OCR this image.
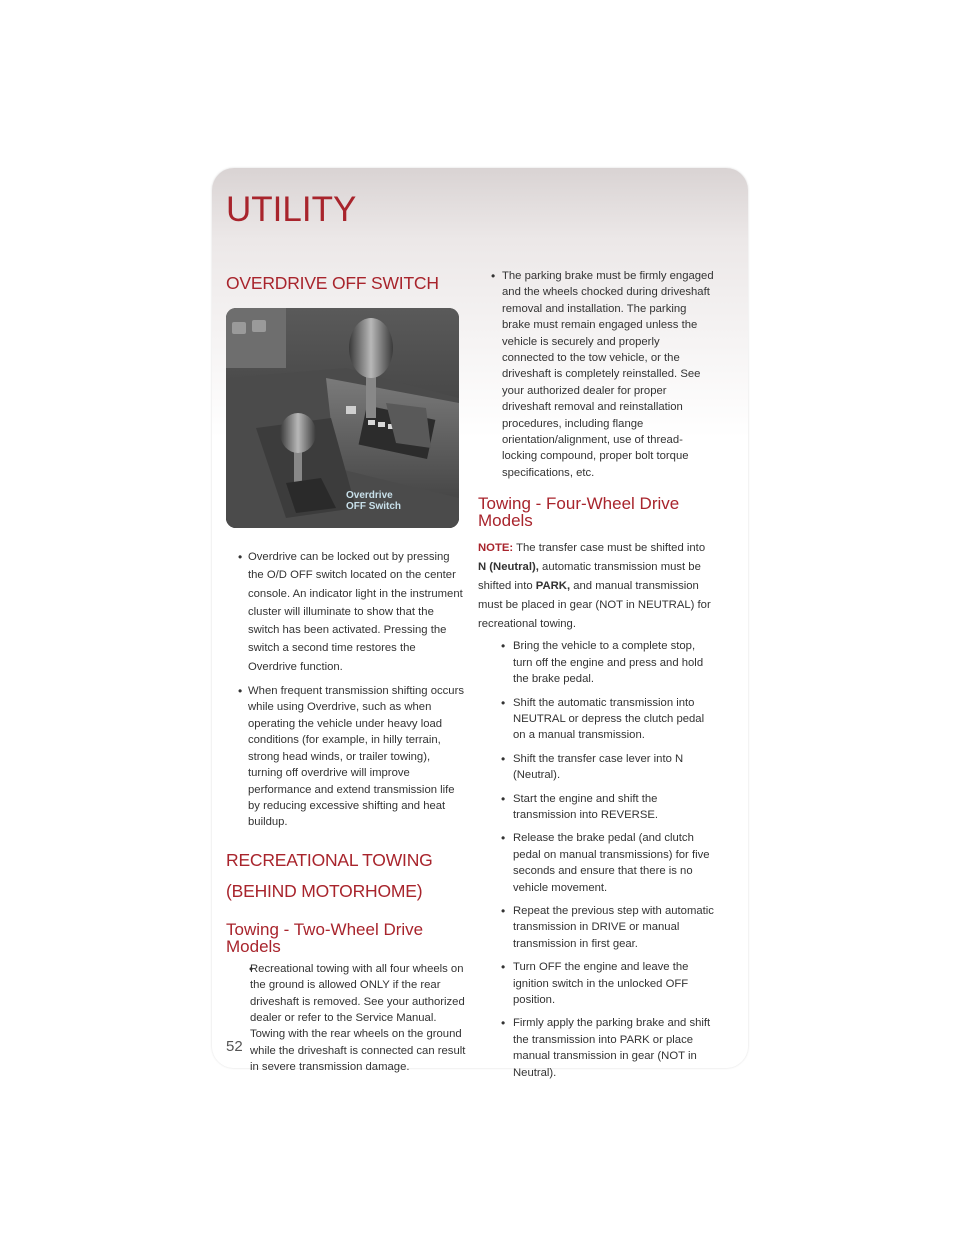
UTILITY
OVERDRIVE OFF SWITCH
Overdrive
OFF Switch
• Overdrive can be locked out by pressing the O/D OFF switch located on the center console. An indicator light in the instrument cluster will illuminate to show that the switch has been activated. Pressing the switch a second time restores the Overdrive function.
• When frequent transmission shifting occurs while using Overdrive, such as when operating the vehicle under heavy load conditions (for example, in hilly terrain, strong head winds, or trailer towing), turning off overdrive will improve performance and extend transmission life by reducing excessive shifting and heat buildup.
RECREATIONAL TOWING
(BEHIND MOTORHOME)
Towing - Two-Wheel Drive Models
• Recreational towing with all four wheels on the ground is allowed ONLY if the rear driveshaft is removed. See your authorized dealer or refer to the Service Manual. Towing with the rear wheels on the ground while the driveshaft is connected can result in severe transmission damage.
• The parking brake must be firmly engaged and the wheels chocked during driveshaft removal and installation. The parking brake must remain engaged unless the vehicle is securely and properly connected to the tow vehicle, or the driveshaft is completely reinstalled. See your authorized dealer for proper driveshaft removal and reinstallation procedures, including flange orientation/alignment, use of thread-locking compound, proper bolt torque specifications, etc.
Towing - Four-Wheel Drive Models

NOTE: The transfer case must be shifted into N (Neutral), automatic transmission must be shifted into PARK, and manual transmission must be placed in gear (NOT in NEUTRAL) for recreational towing.

• Bring the vehicle to a complete stop, turn off the engine and press and hold the brake pedal.
• Shift the automatic transmission into NEUTRAL or depress the clutch pedal on a manual transmission.
• Shift the transfer case lever into N (Neutral).
• Start the engine and shift the transmission into REVERSE.
• Release the brake pedal (and clutch pedal on manual transmissions) for five seconds and ensure that there is no vehicle movement.
• Repeat the previous step with automatic transmission in DRIVE or manual transmission in first gear.
• Turn OFF the engine and leave the ignition switch in the unlocked OFF position.
• Firmly apply the parking brake and shift the transmission into PARK or place manual transmission in gear (NOT in Neutral).
52
